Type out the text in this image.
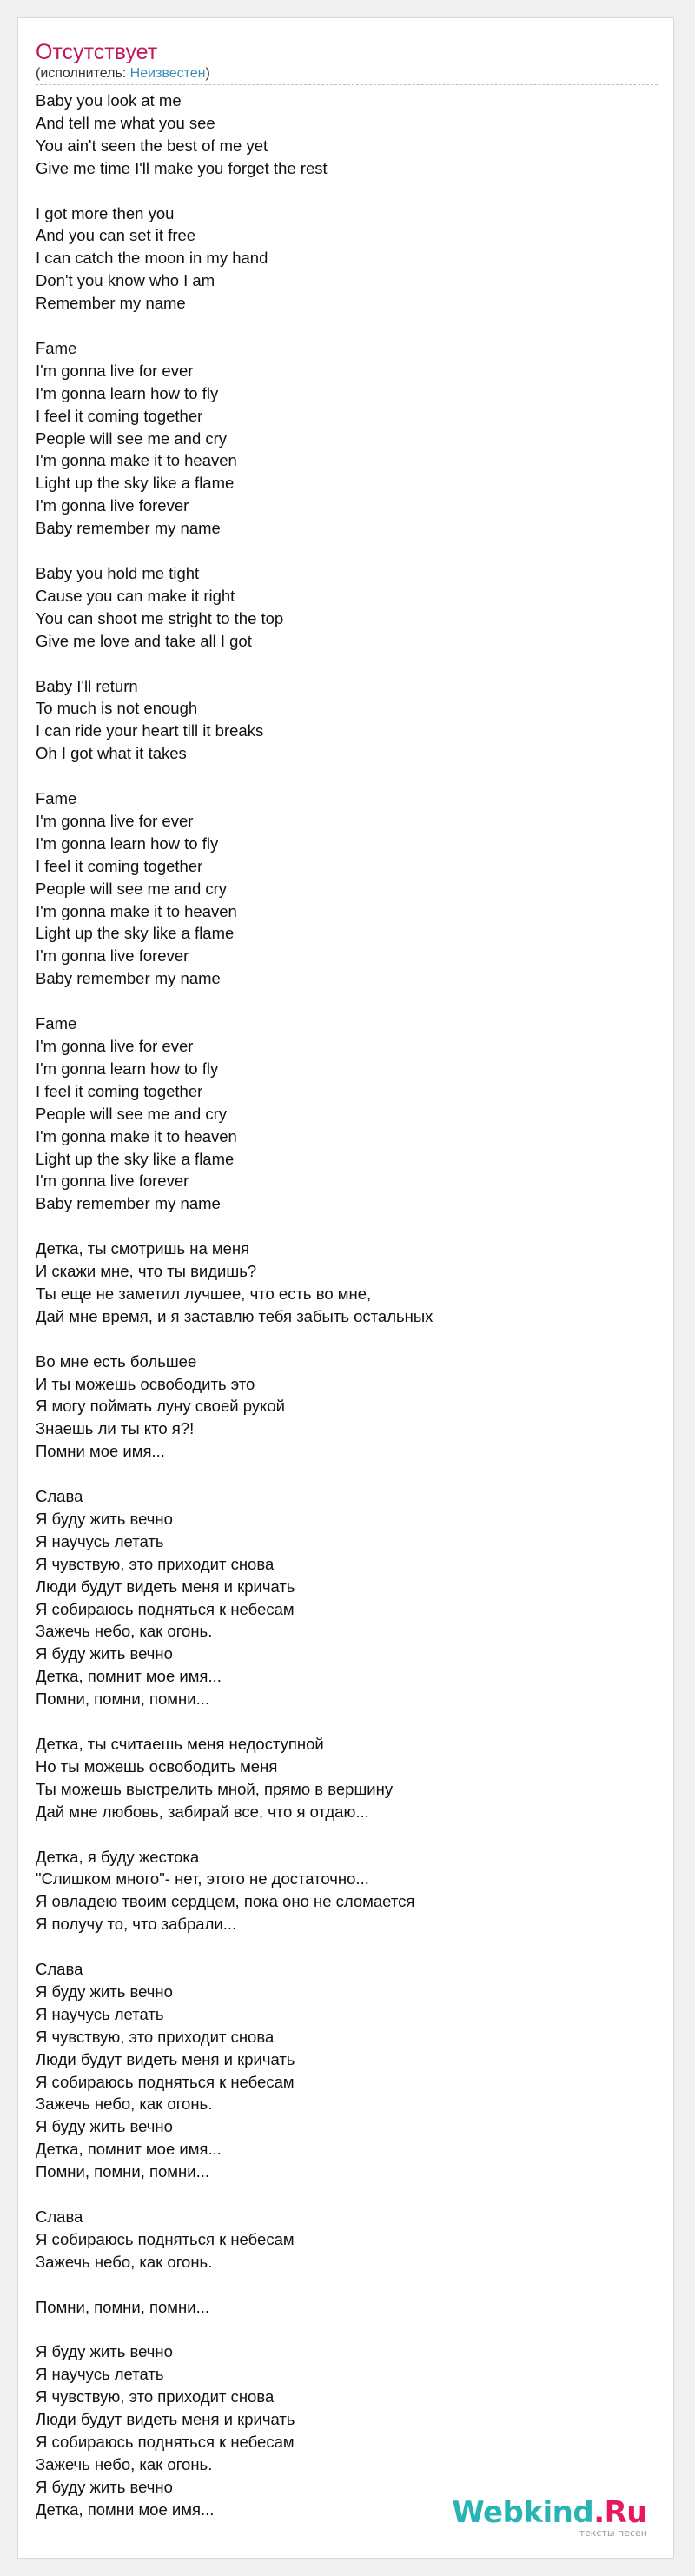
Отсутствует
(исполнитель: Неизвестен)
Baby you look at me
And tell me what you see
You ain't seen the best of me yet
Give me time I'll make you forget the rest
I got more then you
And you can set it free
I can catch the moon in my hand
Don't you know who I am
Remember my name
Fame
I'm gonna live for ever
I'm gonna learn how to fly
I feel it coming together
People will see me and cry
I'm gonna make it to heaven
Light up the sky like a flame
I'm gonna live forever
Baby remember my name
Baby you hold me tight
Cause you can make it right
You can shoot me stright to the top
Give me love and take all I got
Baby I'll return
To much is not enough
I can ride your heart till it breaks
Oh I got what it takes
Fame
I'm gonna live for ever
I'm gonna learn how to fly
I feel it coming together
People will see me and cry
I'm gonna make it to heaven
Light up the sky like a flame
I'm gonna live forever
Baby remember my name
Fame
I'm gonna live for ever
I'm gonna learn how to fly
I feel it coming together
People will see me and cry
I'm gonna make it to heaven
Light up the sky like a flame
I'm gonna live forever
Baby remember my name
Детка, ты смотришь на меня
И скажи мне, что ты видишь?
Ты еще не заметил лучшее, что есть во мне,
Дай мне время, и я заставлю тебя забыть остальных
Во мне есть большее
И ты можешь освободить это
Я могу поймать луну своей рукой
Знаешь ли ты кто я?!
Помни мое имя...
Слава
Я буду жить вечно
Я научусь летать
Я чувствую, это приходит снова
Люди будут видеть меня и кричать
Я собираюсь подняться к небесам
Зажечь небо, как огонь.
Я буду жить вечно
Детка, помнит мое имя...
Помни, помни, помни...
Детка, ты считаешь меня недоступной
Но ты можешь освободить меня
Ты можешь выстрелить мной, прямо в вершину
Дай мне любовь, забирай все, что я отдаю...
Детка, я буду жестока
"Слишком много"- нет, этого не достаточно...
Я овладею твоим сердцем, пока оно не сломается
Я получу то, что забрали...
Слава
Я буду жить вечно
Я научусь летать
Я чувствую, это приходит снова
Люди будут видеть меня и кричать
Я собираюсь подняться к небесам
Зажечь небо, как огонь.
Я буду жить вечно
Детка, помнит мое имя...
Помни, помни, помни...
Слава
Я собираюсь подняться к небесам
Зажечь небо, как огонь.
Помни, помни, помни...
Я буду жить вечно
Я научусь летать
Я чувствую, это приходит снова
Люди будут видеть меня и кричать
Я собираюсь подняться к небесам
Зажечь небо, как огонь.
Я буду жить вечно
Детка, помни мое имя...	Webkind.Ru
тексты песен
